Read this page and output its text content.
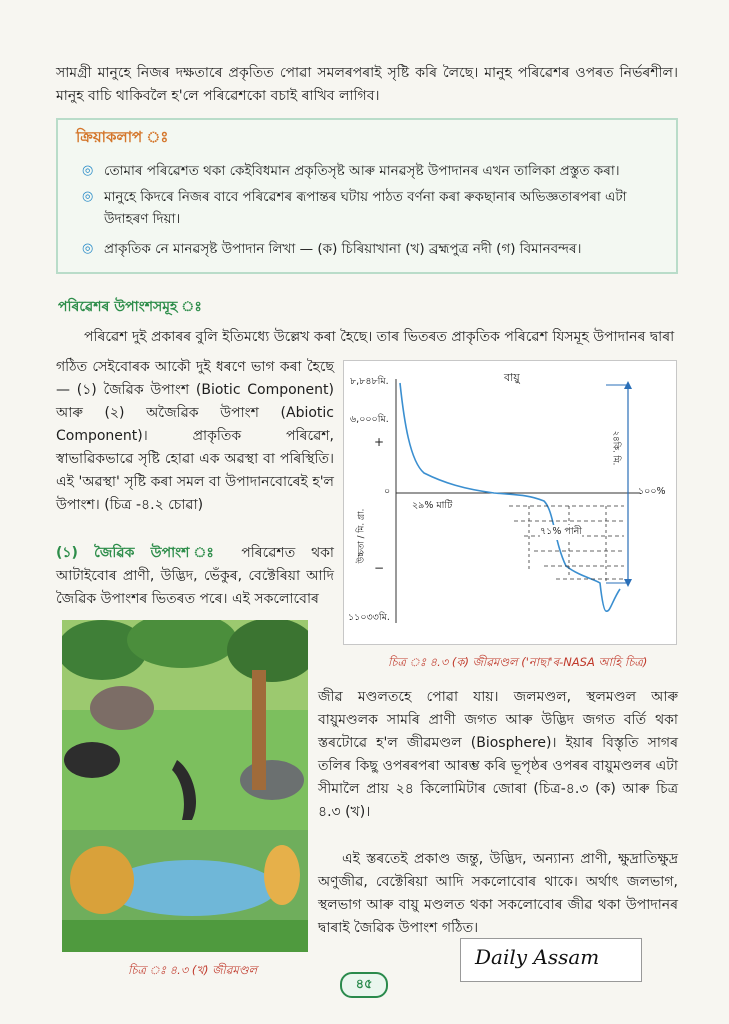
সামগ্ৰী মানুহে নিজৰ দক্ষতাৰে প্ৰকৃতিত পোৱা সমলৰপৰাই সৃষ্টি কৰি লৈছে। মানুহ পৰিৱেশৰ ওপৰত নিৰ্ভৰশীল। মানুহ বাচি থাকিবলৈ হ'লে পৰিৱেশকো বচাই ৰাখিব লাগিব।
ক্ৰিয়াকলাপ ঃ
◎ তোমাৰ পৰিৱেশত থকা কেইবিধমান প্ৰকৃতিসৃষ্ট আৰু মানৱসৃষ্ট উপাদানৰ এখন তালিকা প্ৰস্তুত কৰা।
◎ মানুহে কিদৰে নিজৰ বাবে পৰিৱেশৰ ৰূপান্তৰ ঘটায় পাঠত বৰ্ণনা কৰা ৰুকছানাৰ অভিজ্ঞতাৰপৰা এটা উদাহৰণ দিয়া।
◎ প্ৰাকৃতিক নে মানৱসৃষ্ট উপাদান লিখা — (ক) চিৰিয়াখানা (খ) ব্ৰহ্মপুত্ৰ নদী (গ) বিমানবন্দৰ।
পৰিৱেশৰ উপাংশসমূহ ঃ
পৰিৱেশ দুই প্ৰকাৰৰ বুলি ইতিমধ্যে উল্লেখ কৰা হৈছে। তাৰ ভিতৰত প্ৰাকৃতিক পৰিৱেশ যিসমূহ উপাদানৰ দ্বাৰা
গঠিত সেইবোৰক আকৌ দুই ধৰণে ভাগ কৰা হৈছে— (১) জৈৱিক উপাংশ (Biotic Component) আৰু (২) অজৈৱিক উপাংশ (Abiotic Component)। প্ৰাকৃতিক পৰিৱেশ, স্বাভাৱিকভাৱে সৃষ্টি হোৱা এক অৱস্থা বা পৰিস্থিতি। এই 'অৱস্থা' সৃষ্টি কৰা সমল বা উপাদানবোৰেই হ'ল উপাংশ। (চিত্ৰ -৪.২ চোৱা)
(১) জৈৱিক উপাংশ ঃ পৰিৱেশত থকা আটাইবোৰ প্ৰাণী, উদ্ভিদ, ভেঁকুৰ, বেক্টেৰিয়া আদি জৈৱিক উপাংশৰ ভিতৰত পৰে। এই সকলোবোৰ
বায়ু
৮,৮৪৮মি.
৬,০০০মি.
+
০
−
১১০৩৩মি.
উচ্চতা / মি. গ্ৰা.
২৪কি. মি.
১০০%
২৯% মাটি
৭১% পানী
চিত্ৰ ঃ ৪.৩ (ক) জীৱমণ্ডল ('নাছা'ৰ-NASA আহি চিত্ৰ)
চিত্ৰ ঃ ৪.৩ (খ) জীৱমণ্ডল
জীৱ মণ্ডলতহে পোৱা যায়। জলমণ্ডল, স্থলমণ্ডল আৰু বায়ুমণ্ডলক সামৰি প্ৰাণী জগত আৰু উদ্ভিদ জগত বৰ্তি থকা স্তৰটোৱে হ'ল জীৱমণ্ডল (Biosphere)। ইয়াৰ বিস্তৃতি সাগৰ তলিৰ কিছু ওপৰৰপৰা আৰম্ভ কৰি ভূপৃষ্ঠৰ ওপৰৰ বায়ুমণ্ডলৰ এটা সীমালৈ প্ৰায় ২৪ কিলোমিটাৰ জোৰা (চিত্ৰ-৪.৩ (ক) আৰু চিত্ৰ ৪.৩ (খ)।
এই স্তৰতেই প্ৰকাণ্ড জন্তু, উদ্ভিদ, অন্যান্য প্ৰাণী, ক্ষুদ্ৰাতিক্ষুদ্ৰ অণুজীৱ, বেক্টেৰিয়া আদি সকলোবোৰ থাকে। অৰ্থাৎ জলভাগ, স্থলভাগ আৰু বায়ু মণ্ডলত থকা সকলোবোৰ জীৱ থকা উপাদানৰ দ্বাৰাই জৈৱিক উপাংশ গঠিত।
Daily Assam
৪৫
